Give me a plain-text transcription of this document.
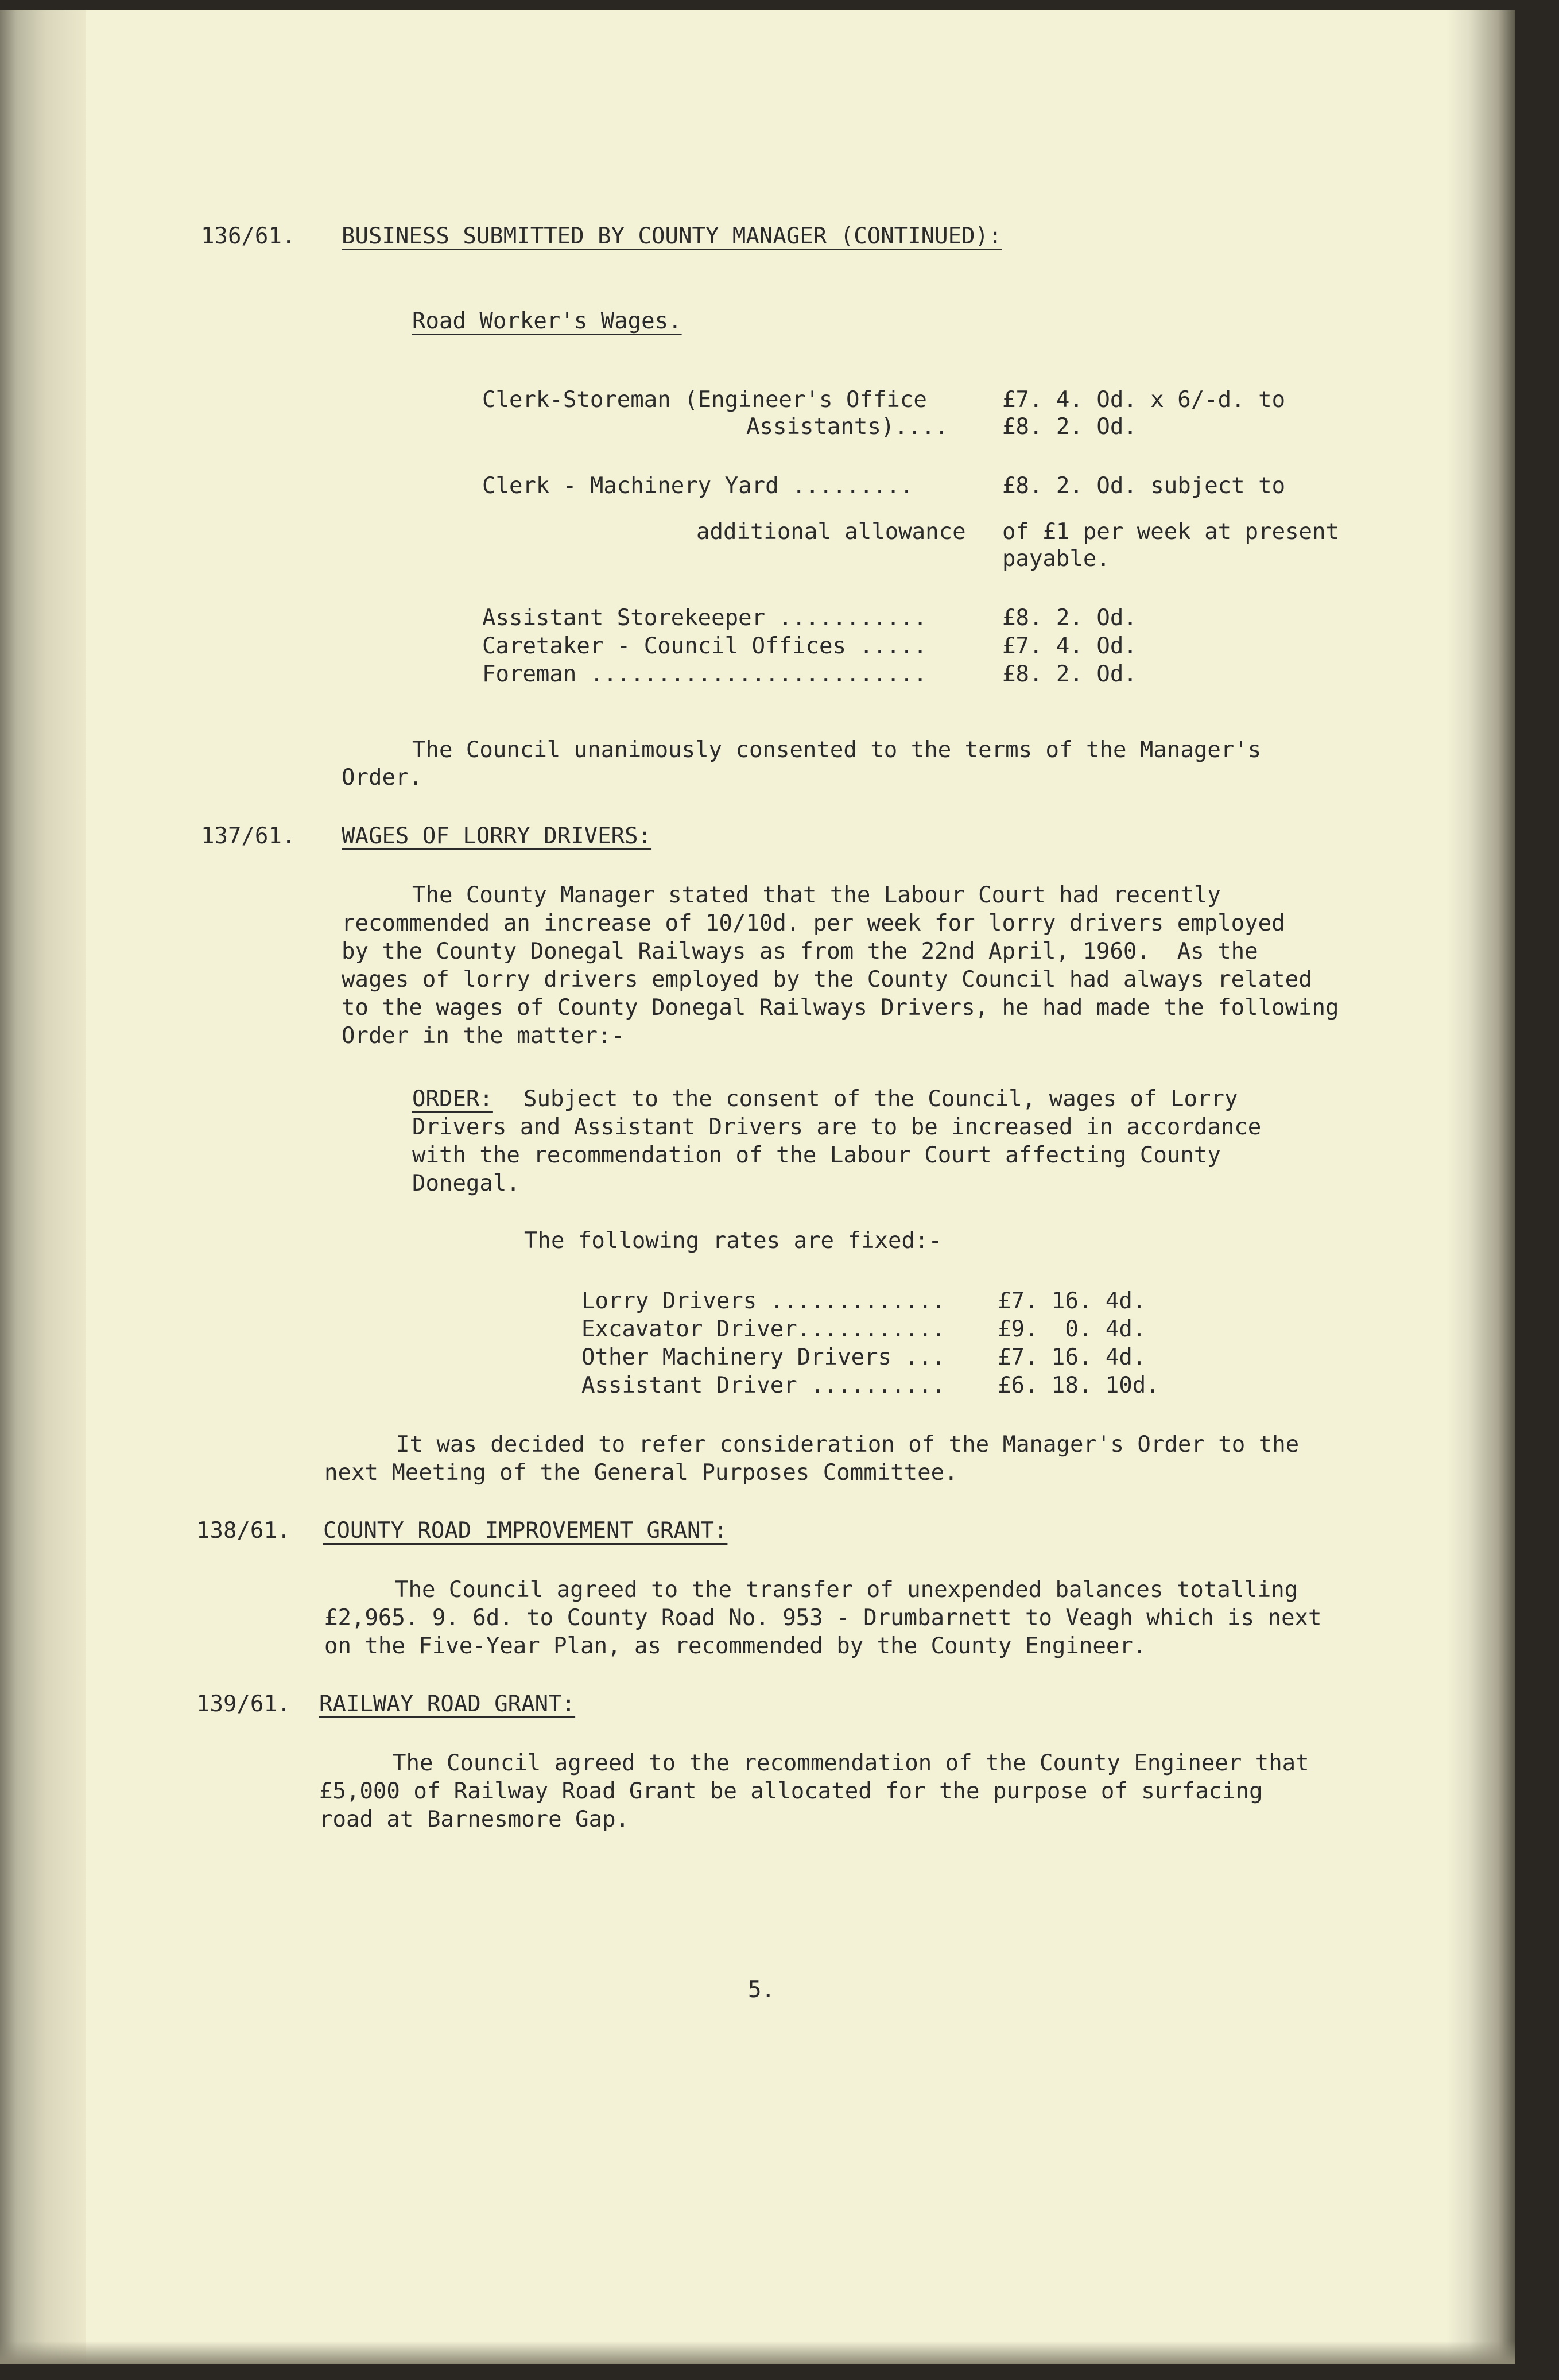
136/61. BUSINESS SUBMITTED BY COUNTY MANAGER (CONTINUED):
Road Worker's Wages.
Clerk-Storeman (Engineer's Office	£7. 4. Od. x 6/-d. to
Assistants).... £8. 2. Od.
Clerk - Machinery Yard .........	£8. 2. Od. subject to
additional allowance of £1 per week at present
payable.
Assistant Storekeeper ...........	£8. 2. Od.
Caretaker - Council Offices .....	£7. 4. Od.
Foreman .........................	£8. 2. Od.
The Council unanimously consented to the terms of the Manager's
Order.
137/61. WAGES OF LORRY DRIVERS:
The County Manager stated that the Labour Court had recently
recommended an increase of 10/10d. per week for lorry drivers employed
by the County Donegal Railways as from the 22nd April, 1960.  As the
wages of lorry drivers employed by the County Council had always related
to the wages of County Donegal Railways Drivers, he had made the following
Order in the matter:-
ORDER: Subject to the consent of the Council, wages of Lorry
Drivers and Assistant Drivers are to be increased in accordance
with the recommendation of the Labour Court affecting County
Donegal.
The following rates are fixed:-
Lorry Drivers ............. £7. 16. 4d.
Excavator Driver........... £9.  0. 4d.
Other Machinery Drivers ... £7. 16. 4d.
Assistant Driver .......... £6. 18. 10d.
It was decided to refer consideration of the Manager's Order to the
next Meeting of the General Purposes Committee.
138/61. COUNTY ROAD IMPROVEMENT GRANT:
The Council agreed to the transfer of unexpended balances totalling
£2,965. 9. 6d. to County Road No. 953 - Drumbarnett to Veagh which is next
on the Five-Year Plan, as recommended by the County Engineer.
139/61. RAILWAY ROAD GRANT:
The Council agreed to the recommendation of the County Engineer that
£5,000 of Railway Road Grant be allocated for the purpose of surfacing
road at Barnesmore Gap.
5.
